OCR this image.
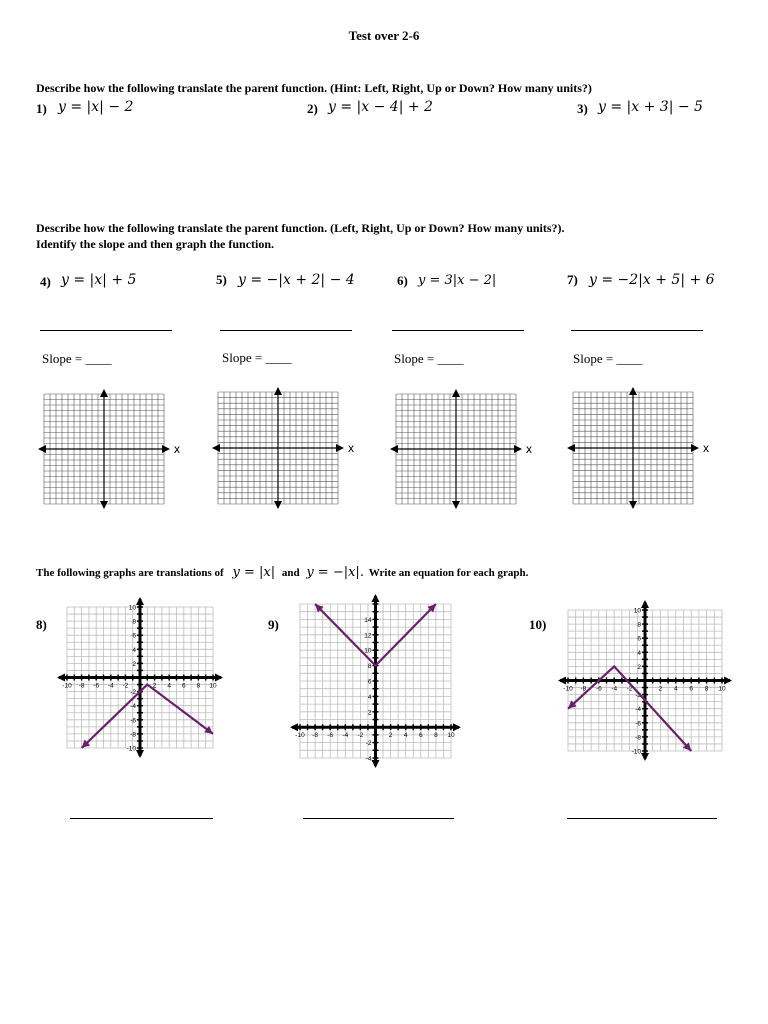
Test over 2-6
Describe how the following translate the parent function. (Hint: Left, Right, Up or Down? How many units?)
1) y = |x| − 2	2) y = |x − 4| + 2	3) y = |x + 3| − 5
Describe how the following translate the parent function. (Left, Right, Up or Down? How many units?).
Identify the slope and then graph the function.
4) y = |x| + 5
Slope = ____
5) y = −|x + 2| − 4
Slope = ____
6) y = 3|x − 2|
Slope = ____
7) y = −2|x + 5| + 6
Slope = ____
x	x	x	x
The following graphs are translations of y = |x| and y = −|x|. Write an equation for each graph.
8)	9)	10)
-10 -8 -6 -4 -2	2 4 6 8 10
-10
-8
-6
-4
-2
2
4
6
8
10
-10 -8 -6 -4 -2	2 4 6 8 10
-4
-2
2
4
6
8
10
12
14
-10 -8 -6 -4 -2	2 4 6 8 10
-10
-8
-6
-4
-2
2
4
6
8
10
